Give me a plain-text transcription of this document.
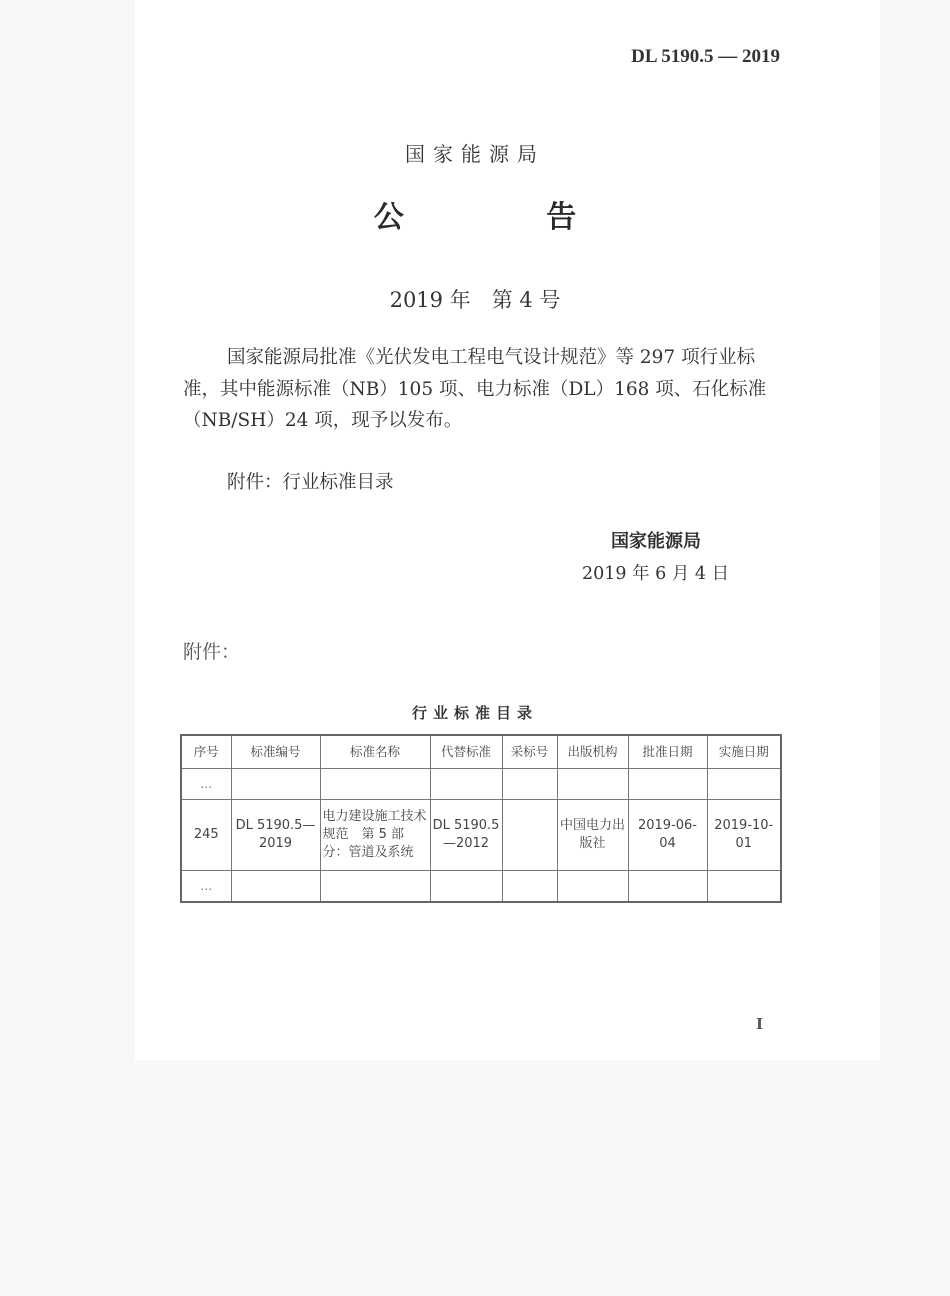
DL 5190.5 — 2019
国家能源局
公 告
2019 年　第 4 号
国家能源局批准《光伏发电工程电气设计规范》等 297 项行业标准，其中能源标准（NB）105 项、电力标准（DL）168 项、石化标准（NB/SH）24 项，现予以发布。
附件：行业标准目录
国家能源局
2019 年 6 月 4 日
附件：
行业标准目录
序号	标准编号	标准名称	代替标准	采标号	出版机构	批准日期	实施日期
…							
245	DL 5190.5—2019	电力建设施工技术规范　第 5 部分：管道及系统	DL 5190.5—2012		中国电力出版社	2019-06-04	2019-10-01
…							
I
